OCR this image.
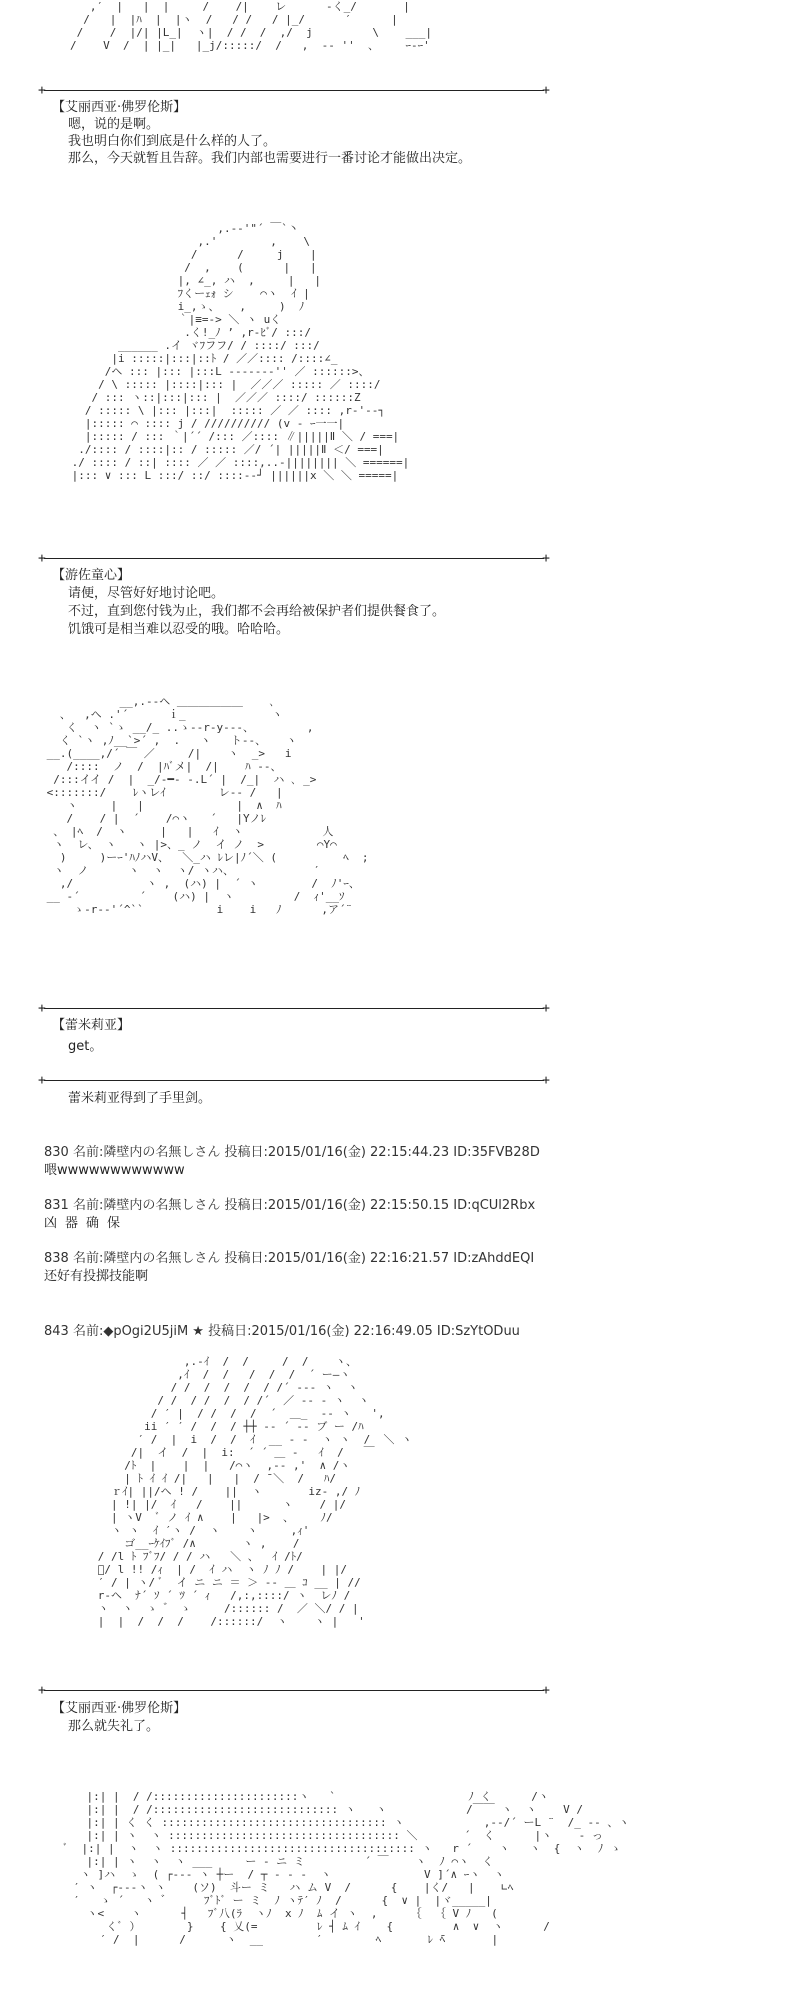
,′  |   |  |     /    /|    レ      -く_/       |
/   |  |ﾊ  |  |ヽ  /   / /   / |_/      ′      |
/    /  |/| |L_|  ヽ|  / /  /  ,/  j         \    ___|
/    V  /  | |_|   |_j/:::::/  /   ,  -- ''  、    ｰ-ｰ'
+	+
【艾丽西亚·佛罗伦斯】
嗯，说的是啊。
我也明白你们到底是什么样的人了。
那么，今天就暂且告辞。我们内部也需要进行一番讨论才能做出决定。
,.-‐'"´ ￣`丶
,.'        ,    \
/      /     j    |
/  ,    (      |   |
|, ∠_, ハ  ,     |   |
ﾌくーｪｫ シ    ⌒ヽ  ｲ |
i_,ゝ、   ,     )  ﾉ
｀|≡=-> ＼ ヽ uく
.く!_ﾉ ’ ,r-ﾋﾞ/ :::/
______ .イ ヾﾌフフ/ / ::::/ :::/
|i :::::|:::|::ﾄ / ／／:::: /::::∠_
/ヘ ::: |::: |:::L ------‐'' ／ ::::::>、
/ \ ::::: |::::|::: |  ／／／ ::::: ／ ::::/
/ ::: ヽ::|:::|::: |  ／／／ ::::/ ::::::Z
/ ::::: \ |::: |:::|  ::::: ／ ／ :::: ,r‐'‐‐┐
|::::: ⌒ :::: j / ////////// (v ‐ ｰ一一|
|::::: / ::: ｀|´´ /::: ／:::: ∥|||||Ⅱ ＼ / ===|
./:::: / ::::|:: / ::::: ／/ ´| |||||Ⅱ ＜/ ===|
./ :::: / ::| :::: ／ ／ ::::,..-|||||||| ＼ ======|
|::: ∨ ::: L :::/ ::/ ::::-‐┘ ||||||x ＼ ＼ =====|
+	+
【游佐童心】
请便，尽管好好地讨论吧。
不过，直到您付钱为止，我们都不会再给被保护者们提供餐食了。
饥饿可是相当难以忍受的哦。哈哈哈。
__,.-‐ヘ ＿＿＿＿＿＿    ､
、  ,ヘ .'´      ｉ_             ヽ
く  ヽ `ゝ __/_ ..ゝ--r-y‐--、        ,
く `ヽ ,ﾉ__`>´ ,  .   ヽ   ト‐‐、   ヽ
__.(____,/´ ￣ ／     /|    ヽ  _>   i
/::::  ノ  /  |ﾊﾞメ|  /|    ﾊ ‐‐、
/:::イイ /  |  _/‐━‐ -.L´ |  /_|  ハ ､ _>
<:::::::/    ﾚヽレｲ        レ-‐ /   |
ヽ     |   |              |  ∧  ﾊ
/    / |  ´    /⌒ヽ   ´   |Yノﾚ
、 |ﾍ  /  ヽ     |   |   ｲ  ヽ            人
ヽ  レ、 ヽ   ヽ |>、_ ノ  イ ノ  >        ⌒Y⌒
)     )ーｰ'ﾊﾉハV、  ＼_ハ ﾚレ|ﾉ´＼ (          ﾍ  ;
ヽ  ノ      ヽ  ヽ  ヽ/ ヽハ、            ′
,/           ヽ ,  (ハ) |  ´ ヽ        /  ﾉ'ｰ、
__ ‐´         ´    (ハ) |  ヽ         /  ｨ'__ｿ
ゝ-r-‐'´^``           i    i   ﾉ      ,ア´¨
+	+
【蕾米莉亚】
get。
+	+
蕾米莉亚得到了手里剑。
830 名前:隣壁内の名無しさん 投稿日:2015/01/16(金) 22:15:44.23 ID:35FVB28D
喂wwwwwwwwwwww
831 名前:隣壁内の名無しさん 投稿日:2015/01/16(金) 22:15:50.15 ID:qCUl2Rbx
凶器确保
838 名前:隣壁内の名無しさん 投稿日:2015/01/16(金) 22:16:21.57 ID:zAhddEQI
还好有投掷技能啊
843 名前:◆pOgi2U5jiM ★ 投稿日:2015/01/16(金) 22:16:49.05 ID:SzYtODuu
,.-ｲ  /  /     /  /    ヽ、
,ｲ  /  /   /  /  /  ´ ー―ヽ
/ /  /  /  /  / /´ ‐‐‐ ヽ  ヽ
/ /  / /  /  / /´  ／ ‐‐ - ヽ  ヽ
/ ′ |  / /  /  /  ´  ＿_  -‐ ヽ   ',
ii ′ ′ /  /  / ┼┼ ‐‐ ´ ‐‐ ブ ー /ﾊ
′ /  |  i  /  /  ｲ  __ ‐ ‐  ヽ ヽ  /  ＼ ヽ
/|  イ  /  |  i:  ´ ´ ＿ ‐   ｲ  /   ￣
/ﾄ  |    |  |   /⌒ヽ  ,-‐ ,'  ∧ /ヽ
| ﾄ ｲ ｲ /|   |   |  / ̄ ＼  /   ﾊ/
ｒｲ| ||/ヘ ! /    ||  ヽ       iz‐ ,/ ﾉ
| !| |/  ｲ   /    ||      ヽ    / |/
| ヽV  ﾞ ノ ｲ ∧    |   |>  、    ﾉ/
ヽ ヽ  ｲ ′ヽ /  ヽ    ヽ     ,ｨ'
ゴ__ｰｹｲﾌﾞ /∧       ヽ ,    /
/ /l ﾄ ﾌﾞﾌ/ / / ハ   ＼ 、  ｲ /ﾄ/
ﾞ/ l !! /ｨ  | /  ｲ ハ  ヽ ﾉ ﾉ /    | |/
′ / | ヽ/ ﾞ  イ ニ ニ ＝ ＞ ‐‐ ＿ ｺ __ | //
r‐ヘ  ﾅ´ ｿ ´ ﾂ ´ ｨ   /,:,::::/ ヽ  レﾉ /
ヽ  ヽ  ゝ  ゙  ゝ     /:::::: /  ／ ＼/ / |
|  |  /  /  /    /::::::/  ヽ    ヽ |   '
+	+
【艾丽西亚·佛罗伦斯】
那么就失礼了。
|:| |  / /::::::::::::::::::::::ヽ   `                    ﾉ く      /ヽ
|:| |  / /:::::::::::::::::::::::::::: ヽ   ヽ            /￣￣ ヽ  ヽ    V /
|:| | く く :::::::::::::::::::::::::::::::::: ヽ            ,--/´ ーL ¨  /_ ‐‐ 、ヽ
|:| | ヽ  ヽ ::::::::::::::::::::::::::::::::::: ＼       ´  く      |ヽ    ‐ っ
ﾞ  |:| |  ヽ  ヽ ::::::::::::::::::::::::::::::::::::: ヽ   r ´    ヽ   ヽ  {  ヽ  ﾉ ゝ
|:| | ヽ  ヽ  ヽ ___     ー ‐ ニ ミ         ´ ￣    ヽ  ﾉ ⌒ヽ  く
ヽ ]ハ  ゝ  ( ┌‐‐‐ ヽ ┼ー  / ┬ ‐ ‐ ‐  ヽ              V ]´∧ ｰヽ  ヽ
′ ヽ  ┌‐‐‐ヽ ヽ    (ソ)  斗ー ミ   ハ ム V  /      {    |く/   |    ∟ﾍ
′   ゝ ´   ヽ  ゙      ﾌﾞﾄﾞ ー ミ  ﾉ ヽﾃ′ ﾉ  /      {  ∨ |  |ヾ_____|
ヽ<    ヽ      ┤   ﾌﾞ八(ﾗ  ヽﾉ  x ﾉ  ﾑ イ ヽ  ,     ｛  ｛ V ﾉ   (
くﾞ ）       }    { 乂(=         ﾚ ┤ ﾑ ｲ    {         ∧  ∨  ヽ      /
′ /  |      /      ヽ  __        ′        ﾍ       ﾚ ̄ﾍ       |
